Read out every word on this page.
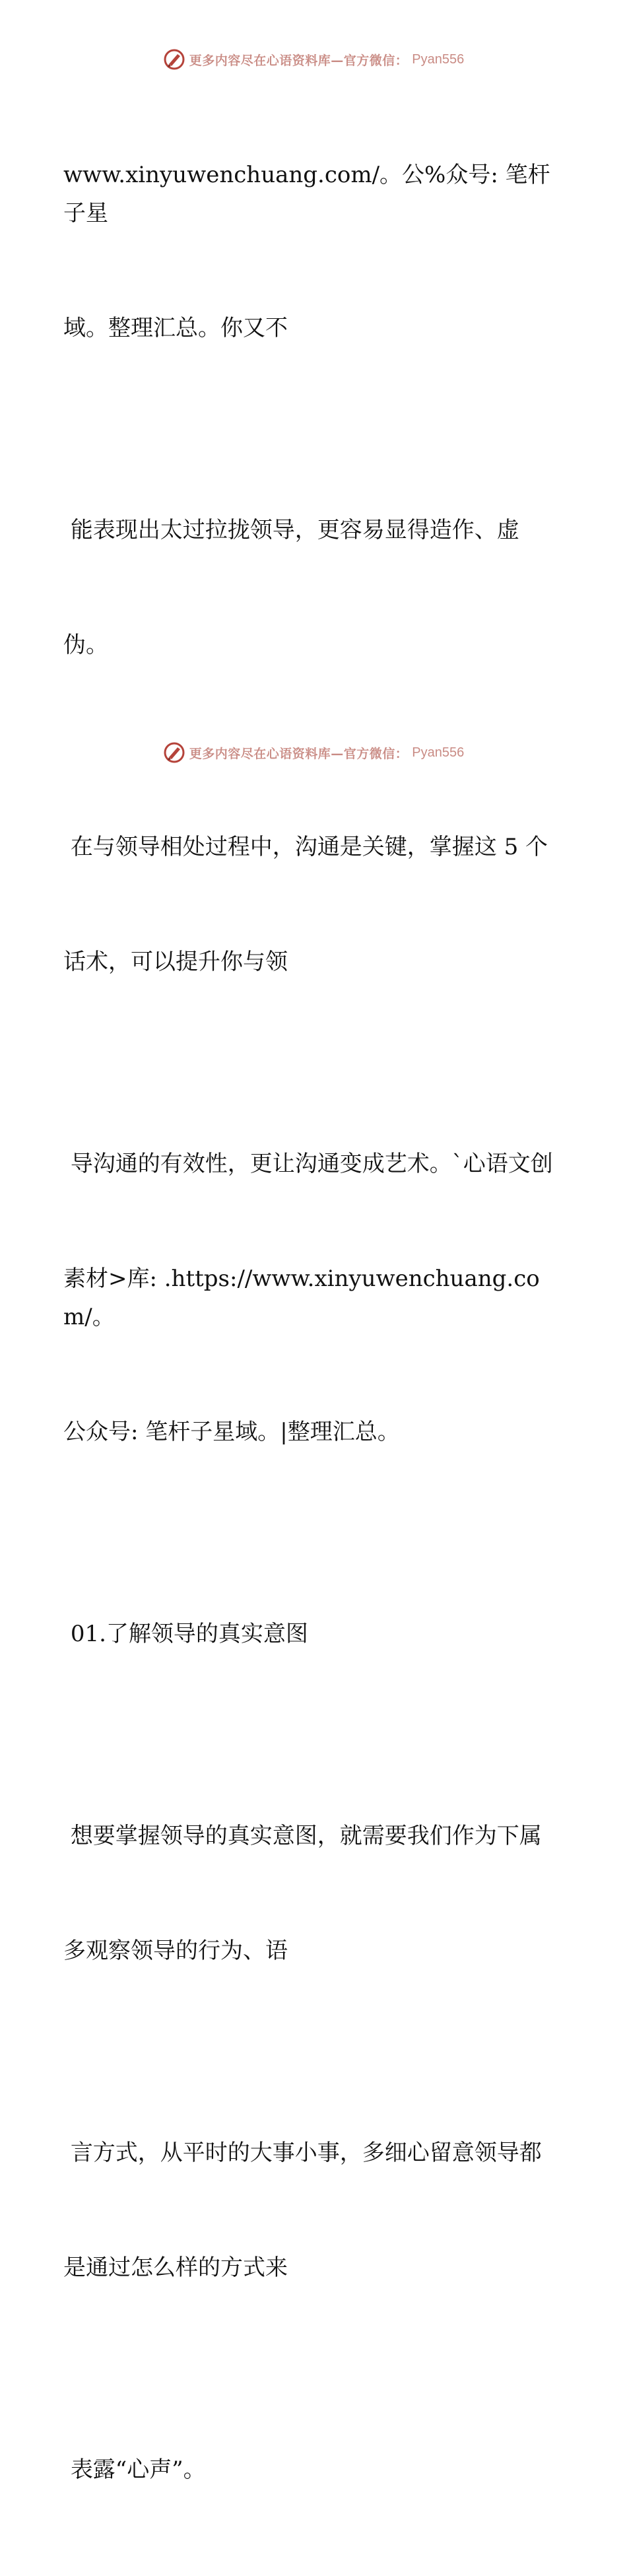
更多内容尽在心语资料库—官方微信： Pyan556

www.xinyuwenchuang.com/。公%众号: 笔杆子星

域。整理汇总。你又不

能表现出太过拉拢领导，更容易显得造作、虚

伪。

在与领导相处过程中，沟通是关键，掌握这 5 个

话术，可以提升你与领

导沟通的有效性，更让沟通变成艺术。`心语文创

素材>库: .https://www.xinyuwenchuang.com/。

公众号: 笔杆子星域。|整理汇总。

01.了解领导的真实意图

想要掌握领导的真实意图，就需要我们作为下属

多观察领导的行为、语

言方式，从平时的大事小事，多细心留意领导都

是通过怎么样的方式来

表露“心声”。

更多内容尽在心语资料库—官方微信： Pyan556
